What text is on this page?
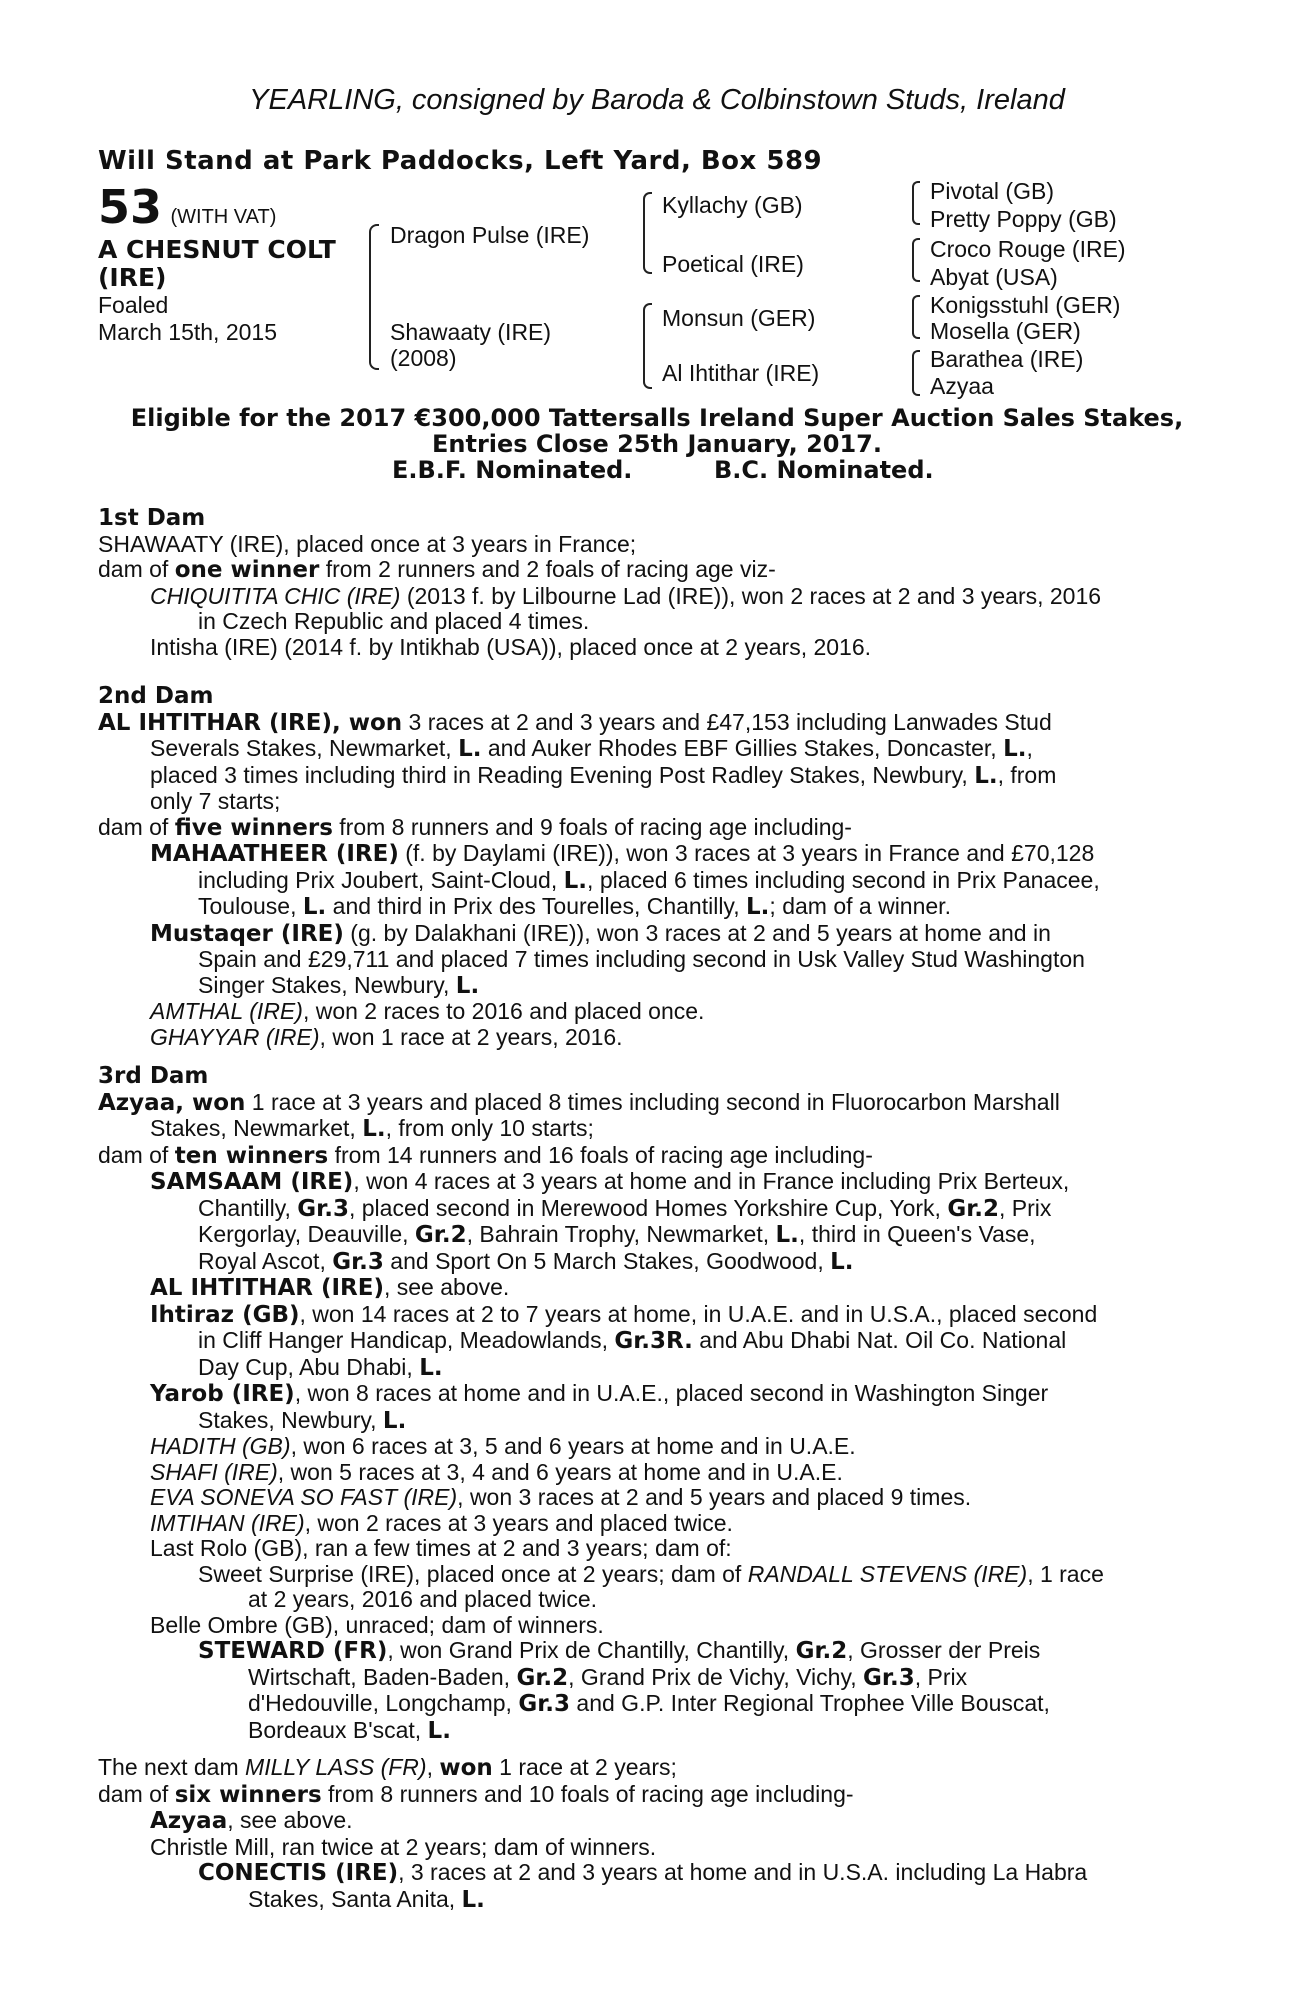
YEARLING, consigned by Baroda & Colbinstown Studs, Ireland
Will Stand at Park Paddocks, Left Yard, Box 589
53 (WITH VAT)
A CHESNUT COLT
(IRE)
Foaled
March 15th, 2015
Dragon Pulse (IRE)
Shawaaty (IRE)
(2008)
Kyllachy (GB)
Poetical (IRE)
Monsun (GER)
Al Ihtithar (IRE)
Pivotal (GB)
Pretty Poppy (GB)
Croco Rouge (IRE)
Abyat (USA)
Konigsstuhl (GER)
Mosella (GER)
Barathea (IRE)
Azyaa
Eligible for the 2017 €300,000 Tattersalls Ireland Super Auction Sales Stakes,
Entries Close 25th January, 2017.
E.B.F. Nominated.	B.C. Nominated.
1st Dam
SHAWAATY (IRE), placed once at 3 years in France;
dam of one winner from 2 runners and 2 foals of racing age viz-
CHIQUITITA CHIC (IRE) (2013 f. by Lilbourne Lad (IRE)), won 2 races at 2 and 3 years, 2016
in Czech Republic and placed 4 times.
Intisha (IRE) (2014 f. by Intikhab (USA)), placed once at 2 years, 2016.
2nd Dam
AL IHTITHAR (IRE), won 3 races at 2 and 3 years and £47,153 including Lanwades Stud
Severals Stakes, Newmarket, L. and Auker Rhodes EBF Gillies Stakes, Doncaster, L.,
placed 3 times including third in Reading Evening Post Radley Stakes, Newbury, L., from
only 7 starts;
dam of five winners from 8 runners and 9 foals of racing age including-
MAHAATHEER (IRE) (f. by Daylami (IRE)), won 3 races at 3 years in France and £70,128
including Prix Joubert, Saint-Cloud, L., placed 6 times including second in Prix Panacee,
Toulouse, L. and third in Prix des Tourelles, Chantilly, L.; dam of a winner.
Mustaqer (IRE) (g. by Dalakhani (IRE)), won 3 races at 2 and 5 years at home and in
Spain and £29,711 and placed 7 times including second in Usk Valley Stud Washington
Singer Stakes, Newbury, L.
AMTHAL (IRE), won 2 races to 2016 and placed once.
GHAYYAR (IRE), won 1 race at 2 years, 2016.
3rd Dam
Azyaa, won 1 race at 3 years and placed 8 times including second in Fluorocarbon Marshall
Stakes, Newmarket, L., from only 10 starts;
dam of ten winners from 14 runners and 16 foals of racing age including-
SAMSAAM (IRE), won 4 races at 3 years at home and in France including Prix Berteux,
Chantilly, Gr.3, placed second in Merewood Homes Yorkshire Cup, York, Gr.2, Prix
Kergorlay, Deauville, Gr.2, Bahrain Trophy, Newmarket, L., third in Queen's Vase,
Royal Ascot, Gr.3 and Sport On 5 March Stakes, Goodwood, L.
AL IHTITHAR (IRE), see above.
Ihtiraz (GB), won 14 races at 2 to 7 years at home, in U.A.E. and in U.S.A., placed second
in Cliff Hanger Handicap, Meadowlands, Gr.3R. and Abu Dhabi Nat. Oil Co. National
Day Cup, Abu Dhabi, L.
Yarob (IRE), won 8 races at home and in U.A.E., placed second in Washington Singer
Stakes, Newbury, L.
HADITH (GB), won 6 races at 3, 5 and 6 years at home and in U.A.E.
SHAFI (IRE), won 5 races at 3, 4 and 6 years at home and in U.A.E.
EVA SONEVA SO FAST (IRE), won 3 races at 2 and 5 years and placed 9 times.
IMTIHAN (IRE), won 2 races at 3 years and placed twice.
Last Rolo (GB), ran a few times at 2 and 3 years; dam of:
Sweet Surprise (IRE), placed once at 2 years; dam of RANDALL STEVENS (IRE), 1 race
at 2 years, 2016 and placed twice.
Belle Ombre (GB), unraced; dam of winners.
STEWARD (FR), won Grand Prix de Chantilly, Chantilly, Gr.2, Grosser der Preis
Wirtschaft, Baden-Baden, Gr.2, Grand Prix de Vichy, Vichy, Gr.3, Prix
d'Hedouville, Longchamp, Gr.3 and G.P. Inter Regional Trophee Ville Bouscat,
Bordeaux B'scat, L.
The next dam MILLY LASS (FR), won 1 race at 2 years;
dam of six winners from 8 runners and 10 foals of racing age including-
Azyaa, see above.
Christle Mill, ran twice at 2 years; dam of winners.
CONECTIS (IRE), 3 races at 2 and 3 years at home and in U.S.A. including La Habra
Stakes, Santa Anita, L.
